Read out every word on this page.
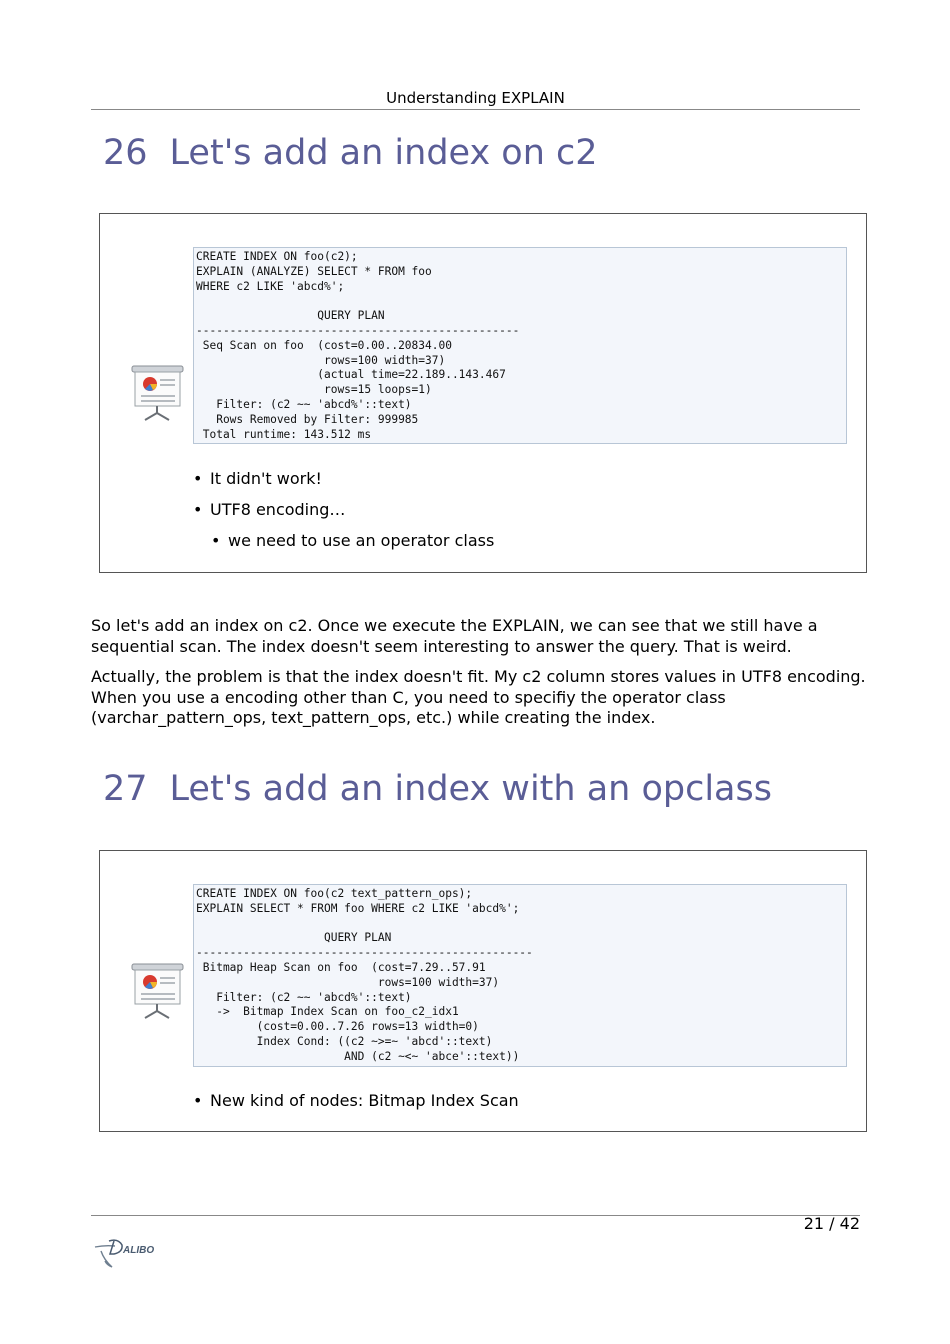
Understanding EXPLAIN
26 Let's add an index on c2
CREATE INDEX ON foo(c2);
EXPLAIN (ANALYZE) SELECT * FROM foo
WHERE c2 LIKE 'abcd%';

QUERY PLAN
------------------------------------------------
Seq Scan on foo  (cost=0.00..20834.00
rows=100 width=37)
(actual time=22.189..143.467
rows=15 loops=1)
Filter: (c2 ~~ 'abcd%'::text)
Rows Removed by Filter: 999985
Total runtime: 143.512 ms
• It didn't work!
• UTF8 encoding…
• we need to use an operator class

So let's add an index on c2. Once we execute the EXPLAIN, we can see that we still have a sequential scan. The index doesn't seem interesting to answer the query. That is weird.

Actually, the problem is that the index doesn't fit. My c2 column stores values in UTF8 encoding. When you use a encoding other than C, you need to specifiy the operator class (varchar_pattern_ops, text_pattern_ops, etc.) while creating the index.

27 Let's add an index with an opclass
CREATE INDEX ON foo(c2 text_pattern_ops);
EXPLAIN SELECT * FROM foo WHERE c2 LIKE 'abcd%';

QUERY PLAN
--------------------------------------------------
Bitmap Heap Scan on foo  (cost=7.29..57.91
rows=100 width=37)
Filter: (c2 ~~ 'abcd%'::text)
->  Bitmap Index Scan on foo_c2_idx1
(cost=0.00..7.26 rows=13 width=0)
Index Cond: ((c2 ~>=~ 'abcd'::text)
AND (c2 ~<~ 'abce'::text))
• New kind of nodes: Bitmap Index Scan
21 / 42
ALIBO
